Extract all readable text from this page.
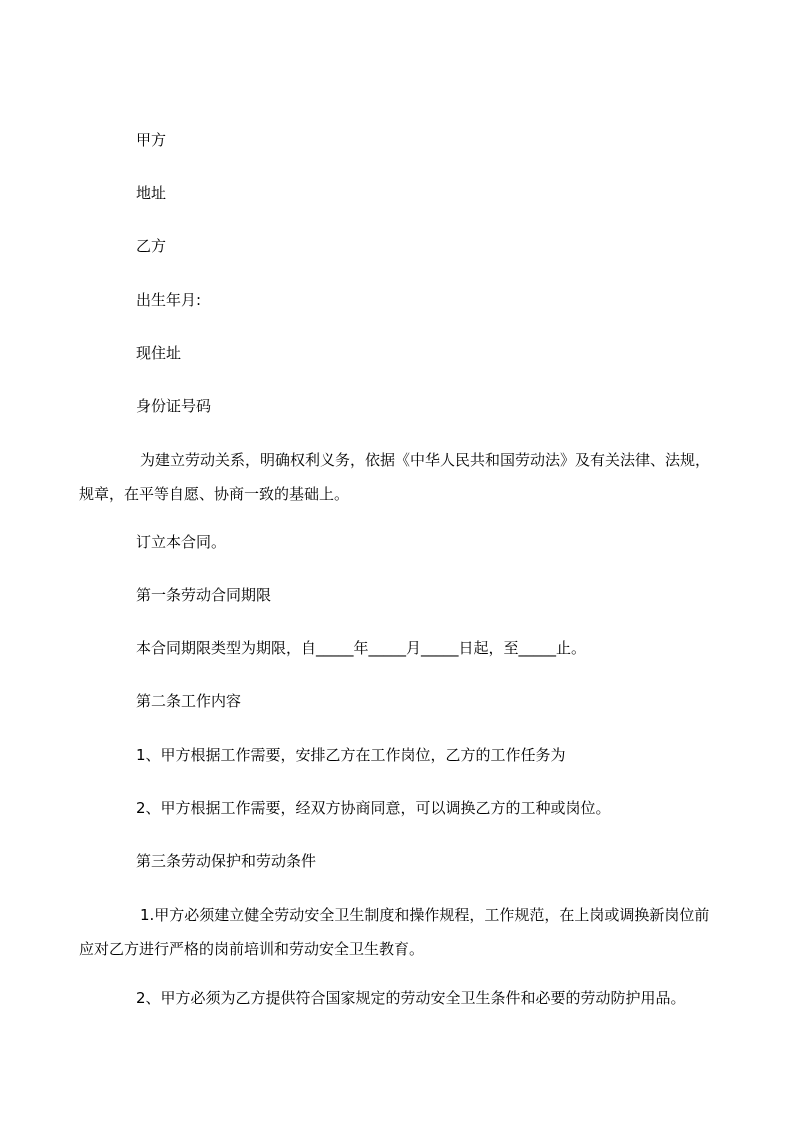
甲方
地址
乙方
出生年月:
现住址
身份证号码
为建立劳动关系，明确权利义务，依据《中华人民共和国劳动法》及有关法律、法规，规章，在平等自愿、协商一致的基础上。
订立本合同。
第一条劳动合同期限
本合同期限类型为期限，自_____年_____月_____日起，至_____止。
第二条工作内容
1、甲方根据工作需要，安排乙方在工作岗位，乙方的工作任务为
2、甲方根据工作需要，经双方协商同意，可以调换乙方的工种或岗位。
第三条劳动保护和劳动条件
1.甲方必须建立健全劳动安全卫生制度和操作规程，工作规范，在上岗或调换新岗位前应对乙方进行严格的岗前培训和劳动安全卫生教育。
2、甲方必须为乙方提供符合国家规定的劳动安全卫生条件和必要的劳动防护用品。
